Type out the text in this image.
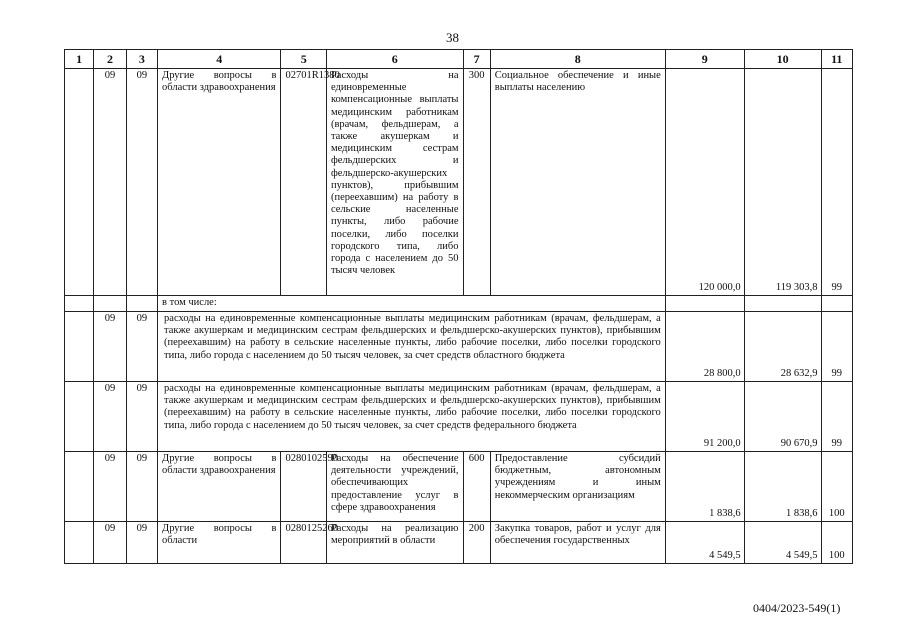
38
1	2	3	4	5	6	7	8	9	10	11
	09	09	Другие вопросы в области здравоохранения	02701R1380	Расходы на единовременные компенсационные выплаты медицинским работникам (врачам, фельдшерам, а также акушеркам и медицинским сестрам фельдшерских и фельдшерско-акушерских пунктов), прибывшим (переехавшим) на работу в сельские населенные пункты, либо рабочие поселки, либо поселки городского типа, либо города с населением до 50 тысяч человек	300	Социальное обеспечение и иные выплаты населению	120 000,0	119 303,8	99
			в том числе:							
	09	09	расходы на единовременные компенсационные выплаты медицинским работникам (врачам, фельдшерам, а также акушеркам и медицинским сестрам фельдшерских и фельдшерско-акушерских пунктов), прибывшим (переехавшим) на работу в сельские населенные пункты, либо рабочие поселки, либо поселки городского типа, либо города с населением до 50 тысяч человек, за счет средств областного бюджета					28 800,0	28 632,9	99
	09	09	расходы на единовременные компенсационные выплаты медицинским работникам (врачам, фельдшерам, а также акушеркам и медицинским сестрам фельдшерских и фельдшерско-акушерских пунктов), прибывшим (переехавшим) на работу в сельские населенные пункты, либо рабочие поселки, либо поселки городского типа, либо города с населением до 50 тысяч человек, за счет средств федерального бюджета					91 200,0	90 670,9	99
	09	09	Другие вопросы в области здравоохранения	0280102590	Расходы на обеспечение деятельности учреждений, обеспечивающих предоставление услуг в сфере здравоохранения	600	Предоставление субсидий бюджетным, автономным учреждениям и иным некоммерческим организациям	1 838,6	1 838,6	100
	09	09	Другие вопросы в области	0280125260	Расходы на реализацию мероприятий в области	200	Закупка товаров, работ и услуг для обеспечения государственных	4 549,5	4 549,5	100
0404/2023-549(1)
